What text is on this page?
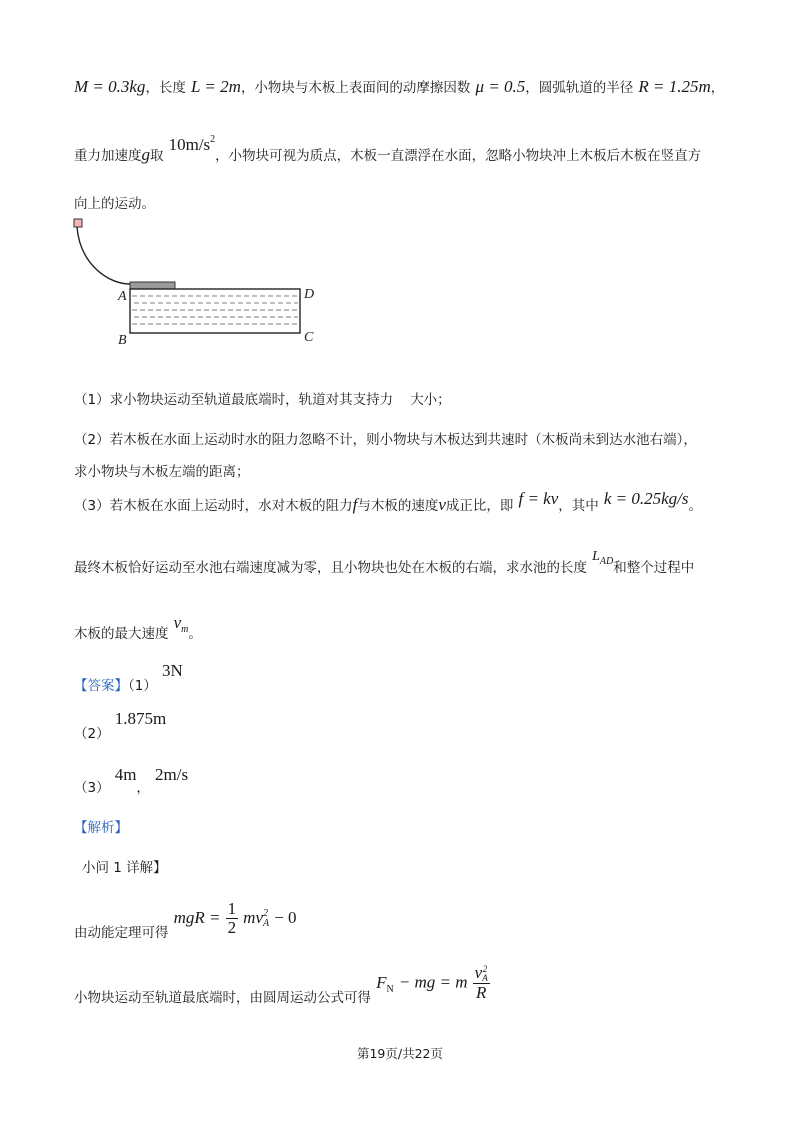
M = 0.3kg，长度 L = 2m，小物块与木板上表面间的动摩擦因数 μ = 0.5，圆弧轨道的半径 R = 1.25m，
重力加速度g取 $10m/s^2$，小物块可视为质点，木板一直漂浮在水面，忽略小物块冲上木板后木板在竖直方
向上的运动。
A
B	C
D
（1）求小物块运动至轨道最底端时，轨道对其支持力 大小；
（2）若木板在水面上运动时水的阻力忽略不计，则小物块与木板达到共速时（木板尚未到达水池右端），
求小物块与木板左端的距离；
（3）若木板在水面上运动时，水对木板的阻力f与木板的速度v成正比，即 f = kv，其中 k = 0.25kg/s。
最终木板恰好运动至水池右端速度减为零，且小物块也处在木板的右端，求水池的长度 $L_{AD}$和整个过程中
木板的最大速度 $v_m$。
【答案】（1） 3N
（2） 1.875m
（3） 4m， 2m/s
【解析】
小问 1 详解】
$_{由动能定理可得}$ mgR = $\frac{1}{2}$ mv 2
A − 0
$_{小物块运动至轨道最底端时,由圆周运动公式可得}$ $F_N$ − mg = m v 2
A
R
第19页/共22页
